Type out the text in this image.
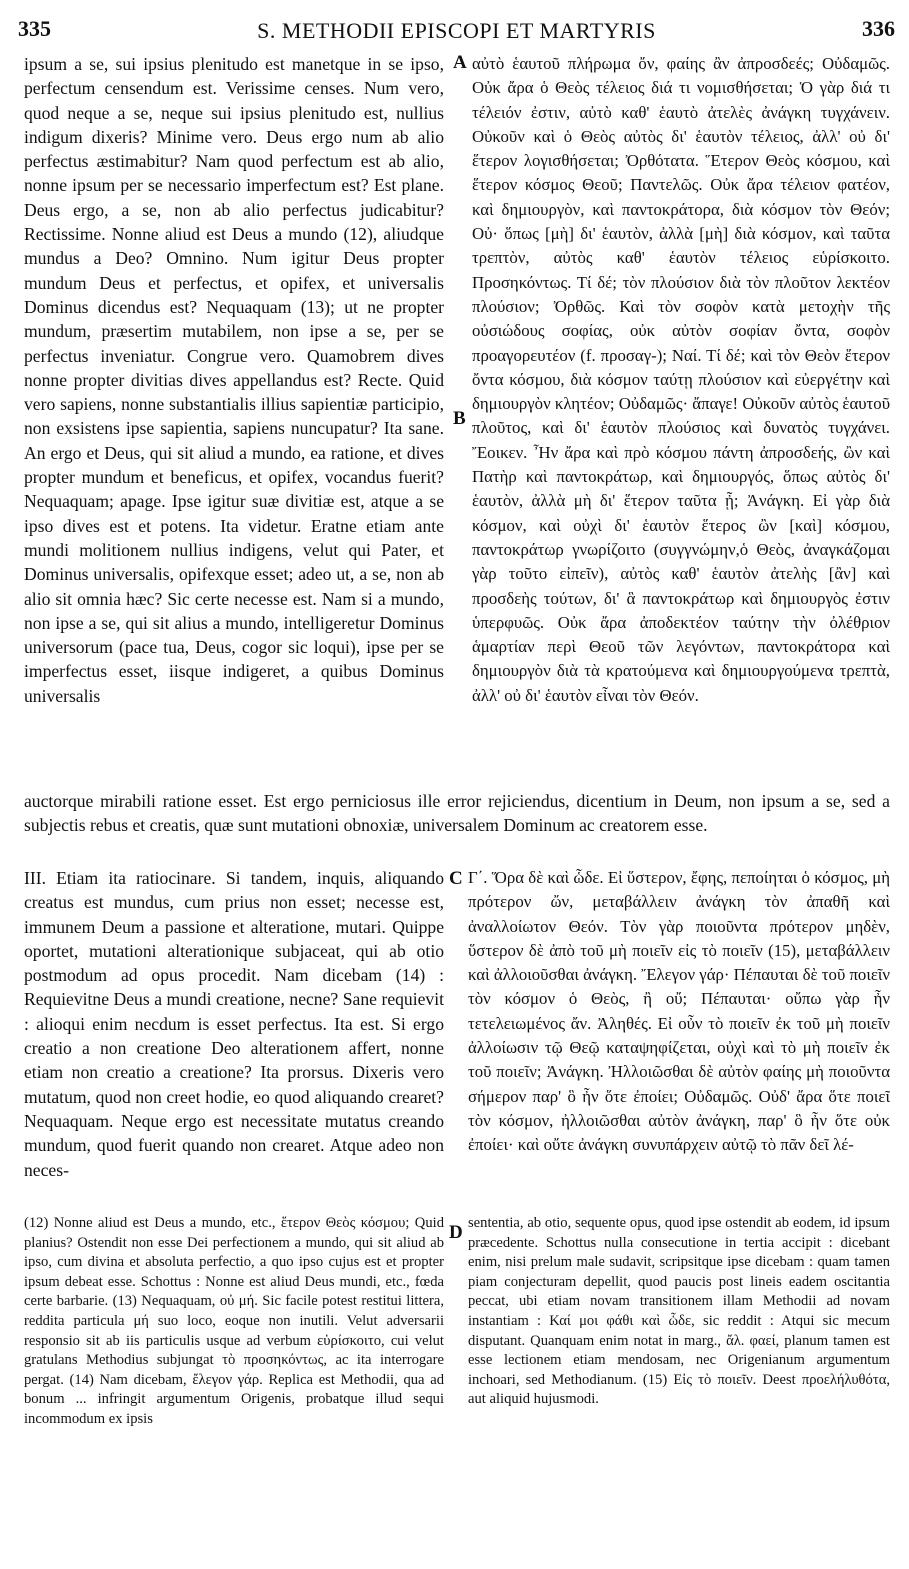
335	S. METHODII EPISCOPI ET MARTYRIS	336
A
B
C
D
ipsum a se, sui ipsius plenitudo est manetque in se ipso, perfectum censendum est. Verissime censes. Num vero, quod neque a se, neque sui ipsius plenitudo est, nullius indigum dixeris? Minime vero. Deus ergo num ab alio perfectus æstimabitur? Nam quod perfectum est ab alio, nonne ipsum per se necessario imperfectum est? Est plane. Deus ergo, a se, non ab alio perfectus judicabitur? Rectissime. Nonne aliud est Deus a mundo (12), aliudque mundus a Deo? Omnino. Num igitur Deus propter mundum Deus et perfectus, et opifex, et universalis Dominus dicendus est? Nequaquam (13); ut ne propter mundum, præsertim mutabilem, non ipse a se, per se perfectus inveniatur. Congrue vero. Quamobrem dives nonne propter divitias dives appellandus est? Recte. Quid vero sapiens, nonne substantialis illius sapientiæ participio, non exsistens ipse sapientia, sapiens nuncupatur? Ita sane. An ergo et Deus, qui sit aliud a mundo, ea ratione, et dives propter mundum et beneficus, et opifex, vocandus fuerit? Nequaquam; apage. Ipse igitur suæ divitiæ est, atque a se ipso dives est et potens. Ita videtur. Eratne etiam ante mundi molitionem nullius indigens, velut qui Pater, et Dominus universalis, opifexque esset; adeo ut, a se, non ab alio sit omnia hæc? Sic certe necesse est. Nam si a mundo, non ipse a se, qui sit alius a mundo, intelligeretur Dominus universorum (pace tua, Deus, cogor sic loqui), ipse per se imperfectus esset, iisque indigeret, a quibus Dominus universalis
αὐτὸ ἑαυτοῦ πλήρωμα ὄν, φαίης ἂν ἀπροσδεές; Οὐδαμῶς. Οὐκ ἄρα ὁ Θεὸς τέλειος διά τι νομισθήσεται; Ὁ γὰρ διά τι τέλειόν ἐστιν, αὐτὸ καθ' ἑαυτὸ ἀτελὲς ἀνάγκη τυγχάνειν. Οὐκοῦν καὶ ὁ Θεὸς αὐτὸς δι' ἑαυτὸν τέλειος, ἀλλ' οὐ δι' ἕτερον λογισθήσεται; Ὀρθότατα. Ἕτερον Θεὸς κόσμου, καὶ ἕτερον κόσμος Θεοῦ; Παντελῶς. Οὐκ ἄρα τέλειον φατέον, καὶ δημιουργὸν, καὶ παντοκράτορα, διὰ κόσμον τὸν Θεόν; Οὐ· ὅπως [μὴ] δι' ἑαυτὸν, ἀλλὰ [μὴ] διὰ κόσμον, καὶ ταῦτα τρεπτὸν, αὐτὸς καθ' ἑαυτὸν τέλειος εὑρίσκοιτο. Προσηκόντως. Τί δέ; τὸν πλούσιον διὰ τὸν πλοῦτον λεκτέον πλούσιον; Ὀρθῶς. Καὶ τὸν σοφὸν κατὰ μετοχὴν τῆς οὐσιώδους σοφίας, οὐκ αὐτὸν σοφίαν ὄντα, σοφὸν προαγορευτέον (f. προσαγ-); Ναί. Τί δέ; καὶ τὸν Θεὸν ἕτερον ὄντα κόσμου, διὰ κόσμον ταύτῃ πλούσιον καὶ εὐεργέτην καὶ δημιουργὸν κλητέον; Οὐδαμῶς· ἄπαγε! Οὐκοῦν αὐτὸς ἑαυτοῦ πλοῦτος, καὶ δι' ἑαυτὸν πλούσιος καὶ δυνατὸς τυγχάνει. Ἔοικεν. Ἦν ἄρα καὶ πρὸ κόσμου πάντη ἀπροσδεής, ὢν καὶ Πατὴρ καὶ παντοκράτωρ, καὶ δημιουργός, ὅπως αὐτὸς δι' ἑαυτὸν, ἀλλὰ μὴ δι' ἕτερον ταῦτα ᾖ; Ἀνάγκη. Εἰ γὰρ διὰ κόσμον, καὶ οὐχὶ δι' ἑαυτὸν ἕτερος ὢν [καὶ] κόσμου, παντοκράτωρ γνωρίζοιτο (συγγνώμην,ὁ Θεὸς, ἀναγκάζομαι γὰρ τοῦτο εἰπεῖν), αὐτὸς καθ' ἑαυτὸν ἀτελὴς [ἂν] καὶ προσδεὴς τούτων, δι' ἃ παντοκράτωρ καὶ δημιουργὸς ἐστιν ὑπερφυῶς. Οὐκ ἄρα ἀποδεκτέον ταύτην τὴν ὀλέθριον ἁμαρτίαν περὶ Θεοῦ τῶν λεγόντων, παντοκράτορα καὶ δημιουργὸν διὰ τὰ κρατούμενα καὶ δημιουργούμενα τρεπτὰ, ἀλλ' οὐ δι' ἑαυτὸν εἶναι τὸν Θεόν.
auctorque mirabili ratione esset. Est ergo perniciosus ille error rejiciendus, dicentium in Deum, non ipsum a se, sed a subjectis rebus et creatis, quæ sunt mutationi obnoxiæ, universalem Dominum ac creatorem esse.
III. Etiam ita ratiocinare. Si tandem, inquis, aliquando creatus est mundus, cum prius non esset; necesse est, immunem Deum a passione et alteratione, mutari. Quippe oportet, mutationi alterationique subjaceat, qui ab otio postmodum ad opus procedit. Nam dicebam (14) : Requievitne Deus a mundi creatione, necne? Sane requievit : alioqui enim necdum is esset perfectus. Ita est. Si ergo creatio a non creatione Deo alterationem affert, nonne etiam non creatio a creatione? Ita prorsus. Dixeris vero mutatum, quod non creet hodie, eo quod aliquando crearet? Nequaquam. Neque ergo est necessitate mutatus creando mundum, quod fuerit quando non crearet. Atque adeo non neces-
Γ΄. Ὅρα δὲ καὶ ὧδε. Εἰ ὕστερον, ἔφης, πεποίηται ὁ κόσμος, μὴ πρότερον ὤν, μεταβάλλειν ἀνάγκη τὸν ἀπαθῆ καὶ ἀναλλοίωτον Θεόν. Τὸν γὰρ ποιοῦντα πρότερον μηδὲν, ὕστερον δὲ ἀπὸ τοῦ μὴ ποιεῖν εἰς τὸ ποιεῖν (15), μεταβάλλειν καὶ ἀλλοιοῦσθαι ἀνάγκη. Ἔλεγον γάρ· Πέπαυται δὲ τοῦ ποιεῖν τὸν κόσμον ὁ Θεὸς, ἢ οὔ; Πέπαυται· οὔπω γὰρ ἦν τετελειωμένος ἄν. Ἀληθές. Εἰ οὖν τὸ ποιεῖν ἐκ τοῦ μὴ ποιεῖν ἀλλοίωσιν τῷ Θεῷ καταψηφίζεται, οὐχὶ καὶ τὸ μὴ ποιεῖν ἐκ τοῦ ποιεῖν; Ἀνάγκη. Ἠλλοιῶσθαι δὲ αὐτὸν φαίης μὴ ποιοῦντα σήμερον παρ' ὃ ἦν ὅτε ἐποίει; Οὐδαμῶς. Οὐδ' ἄρα ὅτε ποιεῖ τὸν κόσμον, ἠλλοιῶσθαι αὐτὸν ἀνάγκη, παρ' ὃ ἦν ὅτε οὐκ ἐποίει· καὶ οὔτε ἀνάγκη συνυπάρχειν αὐτῷ τὸ πᾶν δεῖ λέ-
(12) Nonne aliud est Deus a mundo, etc., ἕτερον Θεὸς κόσμου; Quid planius? Ostendit non esse Dei perfectionem a mundo, qui sit aliud ab ipso, cum divina et absoluta perfectio, a quo ipso cujus est et propter ipsum debeat esse. Schottus : Nonne est aliud Deus mundi, etc., fœda certe barbarie. (13) Nequaquam, οὐ μή. Sic facile potest restitui littera, reddita particula μή suo loco, eoque non inutili. Velut adversarii responsio sit ab iis particulis usque ad verbum εὑρίσκοιτο, cui velut gratulans Methodius subjungat τὸ προσηκόντως, ac ita interrogare pergat. (14) Nam dicebam, ἔλεγον γάρ. Replica est Methodii, qua ad bonum ... infringit argumentum Origenis, probatque illud sequi incommodum ex ipsis
sententia, ab otio, sequente opus, quod ipse ostendit ab eodem, id ipsum præcedente. Schottus nulla consecutione in tertia accipit : dicebant enim, nisi prelum male sudavit, scripsitque ipse dicebam : quam tamen piam conjecturam depellit, quod paucis post lineis eadem oscitantia peccat, ubi etiam novam transitionem illam Methodii ad novam instantiam : Καί μοι φάθι καὶ ὧδε, sic reddit : Atqui sic mecum disputant. Quanquam enim notat in marg., ἄλ. φαεί, planum tamen est esse lectionem etiam mendosam, nec Origenianum argumentum inchoari, sed Methodianum. (15) Εἰς τὸ ποιεῖν. Deest προελήλυθότα, aut aliquid hujusmodi.
